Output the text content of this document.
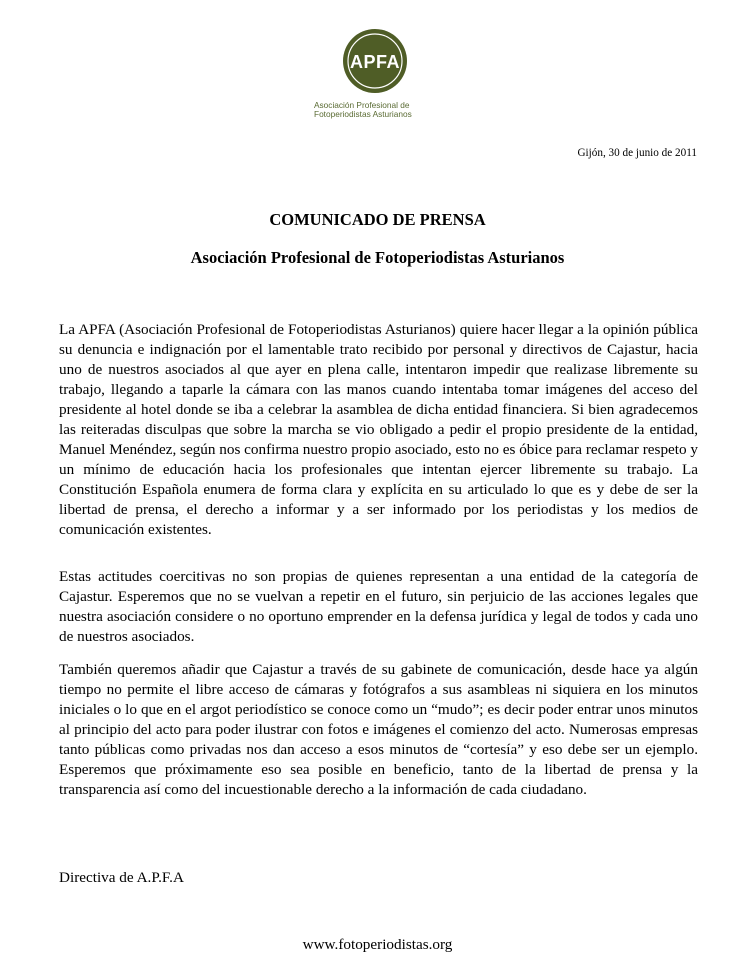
APFA
Asociación Profesional de
Fotoperiodistas Asturianos
Gijón, 30 de junio de 2011
COMUNICADO DE PRENSA
Asociación Profesional de Fotoperiodistas Asturianos

La APFA (Asociación Profesional de Fotoperiodistas Asturianos) quiere hacer llegar a la opinión pública su denuncia e indignación por el lamentable trato recibido por personal y directivos de Cajastur, hacia uno de nuestros asociados al que ayer en plena calle, intentaron impedir que realizase libremente su trabajo, llegando a taparle la cámara con las manos cuando intentaba tomar imágenes del acceso del presidente al hotel donde se iba a celebrar la asamblea de dicha entidad financiera. Si bien agradecemos las reiteradas disculpas que sobre la marcha se vio obligado a pedir el propio presidente de la entidad, Manuel Menéndez, según nos confirma nuestro propio asociado, esto no es óbice para reclamar respeto y un mínimo de educación hacia los profesionales que intentan ejercer libremente su trabajo. La Constitución Española enumera de forma clara y explícita en su articulado lo que es y debe de ser la libertad de prensa, el derecho a informar y a ser informado por los periodistas y los medios de comunicación existentes.

Estas actitudes coercitivas no son propias de quienes representan a una entidad de la categoría de Cajastur. Esperemos que no se vuelvan a repetir en el futuro, sin perjuicio de las acciones legales que nuestra asociación considere o no oportuno emprender en la defensa jurídica y legal de todos y cada uno de nuestros asociados.

También queremos añadir que Cajastur a través de su gabinete de comunicación, desde hace ya algún tiempo no permite el libre acceso de cámaras y fotógrafos a sus asambleas ni siquiera en los minutos iniciales o lo que en el argot periodístico se conoce como un “mudo”; es decir poder entrar unos minutos al principio del acto para poder ilustrar con fotos e imágenes el comienzo del acto. Numerosas empresas tanto públicas como privadas nos dan acceso a esos minutos de “cortesía” y eso debe ser un ejemplo. Esperemos que próximamente eso sea posible en beneficio, tanto de la libertad de prensa y la transparencia así como del incuestionable derecho a la información de cada ciudadano.

Directiva de A.P.F.A
www.fotoperiodistas.org
